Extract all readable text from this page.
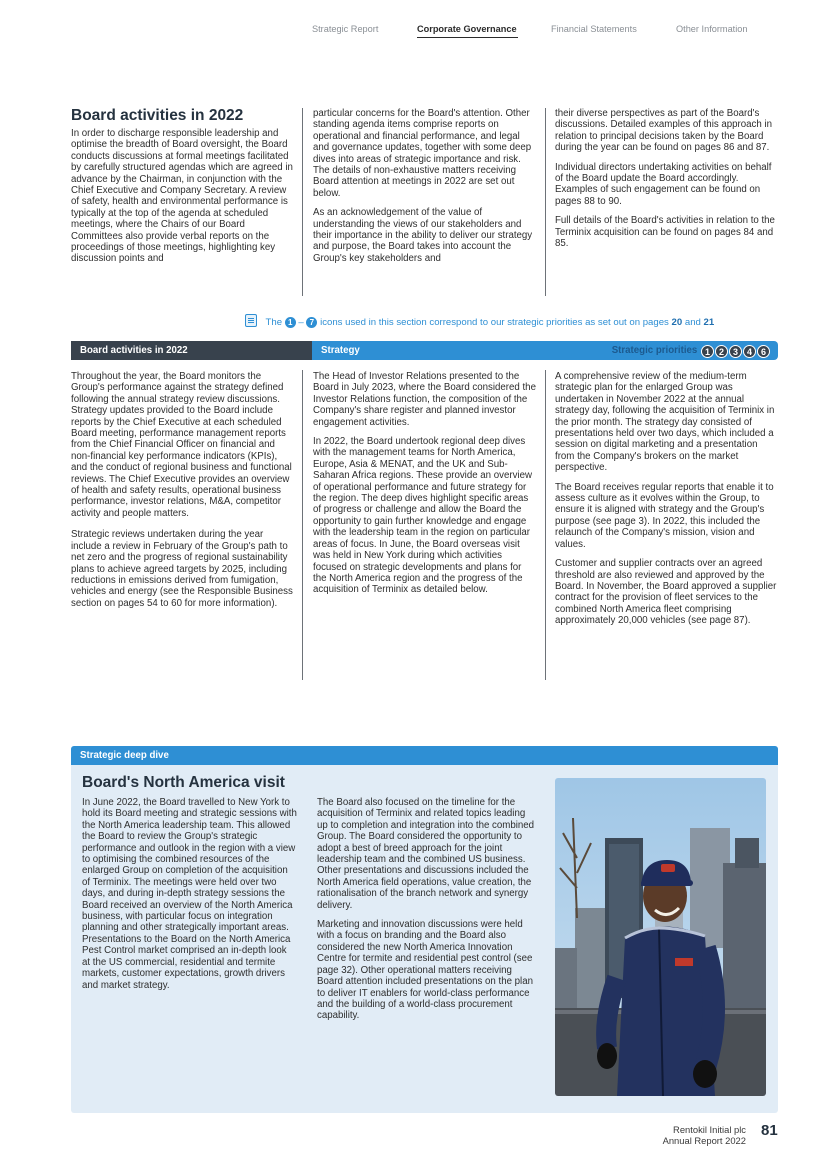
Strategic Report	Corporate Governance	Financial Statements	Other Information
Board activities in 2022

In order to discharge responsible leadership and optimise the breadth of Board oversight, the Board conducts discussions at formal meetings facilitated by carefully structured agendas which are agreed in advance by the Chairman, in conjunction with the Chief Executive and Company Secretary. A review of safety, health and environmental performance is typically at the top of the agenda at scheduled meetings, where the Chairs of our Board Committees also provide verbal reports on the proceedings of those meetings, highlighting key discussion points and

particular concerns for the Board's attention. Other standing agenda items comprise reports on operational and financial performance, and legal and governance updates, together with some deep dives into areas of strategic importance and risk. The details of non-exhaustive matters receiving Board attention at meetings in 2022 are set out below.

As an acknowledgement of the value of understanding the views of our stakeholders and their importance in the ability to deliver our strategy and purpose, the Board takes into account the Group's key stakeholders and

their diverse perspectives as part of the Board's discussions. Detailed examples of this approach in relation to principal decisions taken by the Board during the year can be found on pages 86 and 87.

Individual directors undertaking activities on behalf of the Board update the Board accordingly. Examples of such engagement can be found on pages 88 to 90.

Full details of the Board's activities in relation to the Terminix acquisition can be found on pages 84 and 85.

The 1 – 7 icons used in this section correspond to our strategic priorities as set out on pages 20 and 21
Board activities in 2022	Strategy	Strategic priorities 1 2 3 4 6

Throughout the year, the Board monitors the Group's performance against the strategy defined following the annual strategy review discussions. Strategy updates provided to the Board include reports by the Chief Executive at each scheduled Board meeting, performance management reports from the Chief Financial Officer on financial and non-financial key performance indicators (KPIs), and the conduct of regional business and functional reviews. The Chief Executive provides an overview of health and safety results, operational business performance, investor relations, M&A, competitor activity and people matters.

Strategic reviews undertaken during the year include a review in February of the Group's path to net zero and the progress of regional sustainability plans to achieve agreed targets by 2025, including reductions in emissions derived from fumigation, vehicles and energy (see the Responsible Business section on pages 54 to 60 for more information).

The Head of Investor Relations presented to the Board in July 2023, where the Board considered the Investor Relations function, the composition of the Company's share register and planned investor engagement activities.

In 2022, the Board undertook regional deep dives with the management teams for North America, Europe, Asia & MENAT, and the UK and Sub-Saharan Africa regions. These provide an overview of operational performance and future strategy for the region. The deep dives highlight specific areas of progress or challenge and allow the Board the opportunity to gain further knowledge and engage with the leadership team in the region on particular areas of focus. In June, the Board overseas visit was held in New York during which activities focused on strategic developments and plans for the North America region and the progress of the acquisition of Terminix as detailed below.

A comprehensive review of the medium-term strategic plan for the enlarged Group was undertaken in November 2022 at the annual strategy day, following the acquisition of Terminix in the prior month. The strategy day consisted of presentations held over two days, which included a session on digital marketing and a presentation from the Company's brokers on the market perspective.

The Board receives regular reports that enable it to assess culture as it evolves within the Group, to ensure it is aligned with strategy and the Group's purpose (see page 3). In 2022, this included the relaunch of the Company's mission, vision and values.

Customer and supplier contracts over an agreed threshold are also reviewed and approved by the Board. In November, the Board approved a supplier contract for the provision of fleet services to the combined North America fleet comprising approximately 20,000 vehicles (see page 87).

Strategic deep dive
Board's North America visit

In June 2022, the Board travelled to New York to hold its Board meeting and strategic sessions with the North America leadership team. This allowed the Board to review the Group's strategic performance and outlook in the region with a view to optimising the combined resources of the enlarged Group on completion of the acquisition of Terminix. The meetings were held over two days, and during in-depth strategy sessions the Board received an overview of the North America business, with particular focus on integration planning and other strategically important areas. Presentations to the Board on the North America Pest Control market comprised an in-depth look at the US commercial, residential and termite markets, customer expectations, growth drivers and market strategy.

The Board also focused on the timeline for the acquisition of Terminix and related topics leading up to completion and integration into the combined Group. The Board considered the opportunity to adopt a best of breed approach for the joint leadership team and the combined US business. Other presentations and discussions included the North America field operations, value creation, the rationalisation of the branch network and synergy delivery.

Marketing and innovation discussions were held with a focus on branding and the Board also considered the new North America Innovation Centre for termite and residential pest control (see page 32). Other operational matters receiving Board attention included presentations on the plan to deliver IT enablers for world-class performance and the building of a world-class procurement capability.

Rentokil Initial plc
Annual Report 2022
81
